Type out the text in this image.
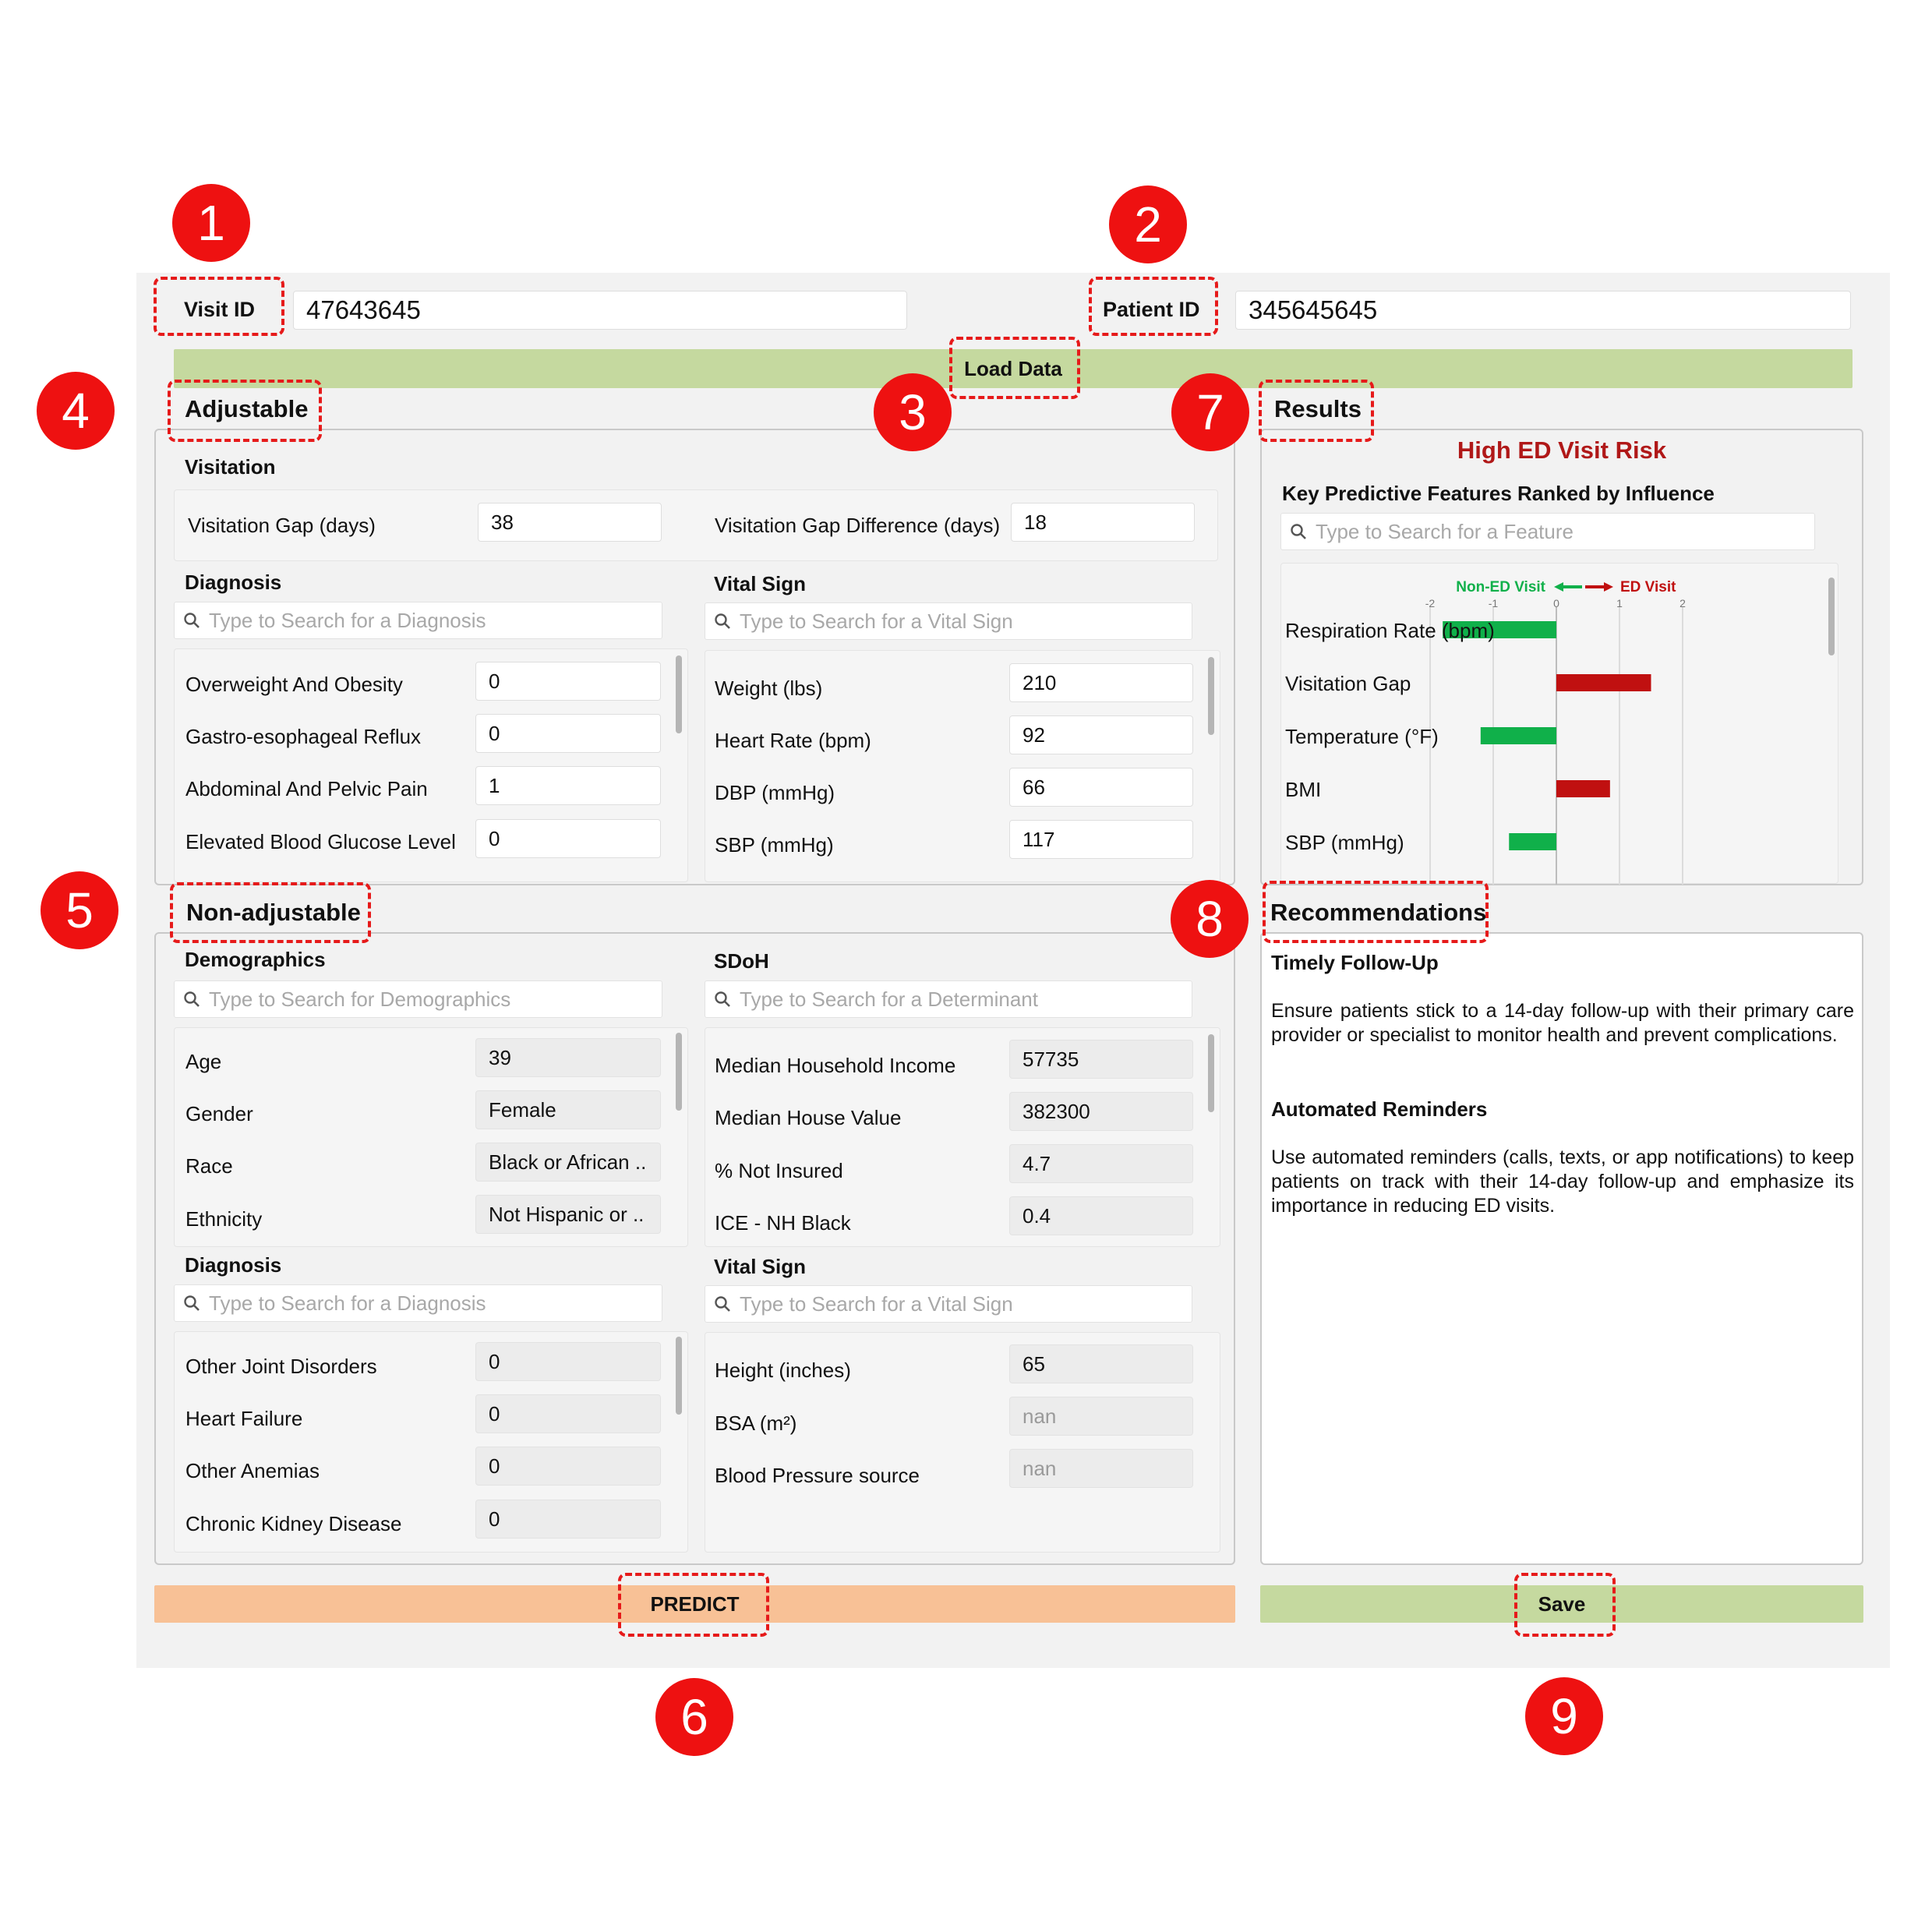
Visit ID	47643645	Patient ID	345645645
Load Data
Adjustable
Visitation
Visitation Gap (days)	38	Visitation Gap Difference (days)	18
Diagnosis
Type to Search for a Diagnosis
Overweight And Obesity	0
Gastro-esophageal Reflux	0
Abdominal And Pelvic Pain	1
Elevated Blood Glucose Level	0
Vital Sign
Type to Search for a Vital Sign
Weight (lbs)	210
Heart Rate (bpm)	92
DBP (mmHg)	66
SBP (mmHg)	117
Non-adjustable
Demographics
Type to Search for Demographics
Age	39
Gender	Female
Race	Black or African ..
Ethnicity	Not Hispanic or ..
SDoH
Type to Search for a Determinant
Median Household Income	57735
Median House Value	382300
% Not Insured	4.7
ICE - NH Black	0.4
Diagnosis
Type to Search for a Diagnosis
Other Joint Disorders	0
Heart Failure	0
Other Anemias	0
Chronic Kidney Disease	0
Vital Sign
Type to Search for a Vital Sign
Height (inches)	65
BSA (m²)	nan
Blood Pressure source	nan
PREDICT
Results
High ED Visit Risk
Key Predictive Features Ranked by Influence
Type to Search for a Feature
Non-ED Visit	ED Visit
-2	-1	0	1	2
Respiration Rate (bpm)
Visitation Gap
Temperature (°F)
BMI
SBP (mmHg)
Recommendations
Timely Follow-Up
Ensure patients stick to a 14-day follow-up with their primary care provider or specialist to monitor health and prevent complications.
Automated Reminders
Use automated reminders (calls, texts, or app notifications) to keep patients on track with their 14-day follow-up and emphasize its importance in reducing ED visits.
Save
1	2
3
4
5
6
7
8
9
